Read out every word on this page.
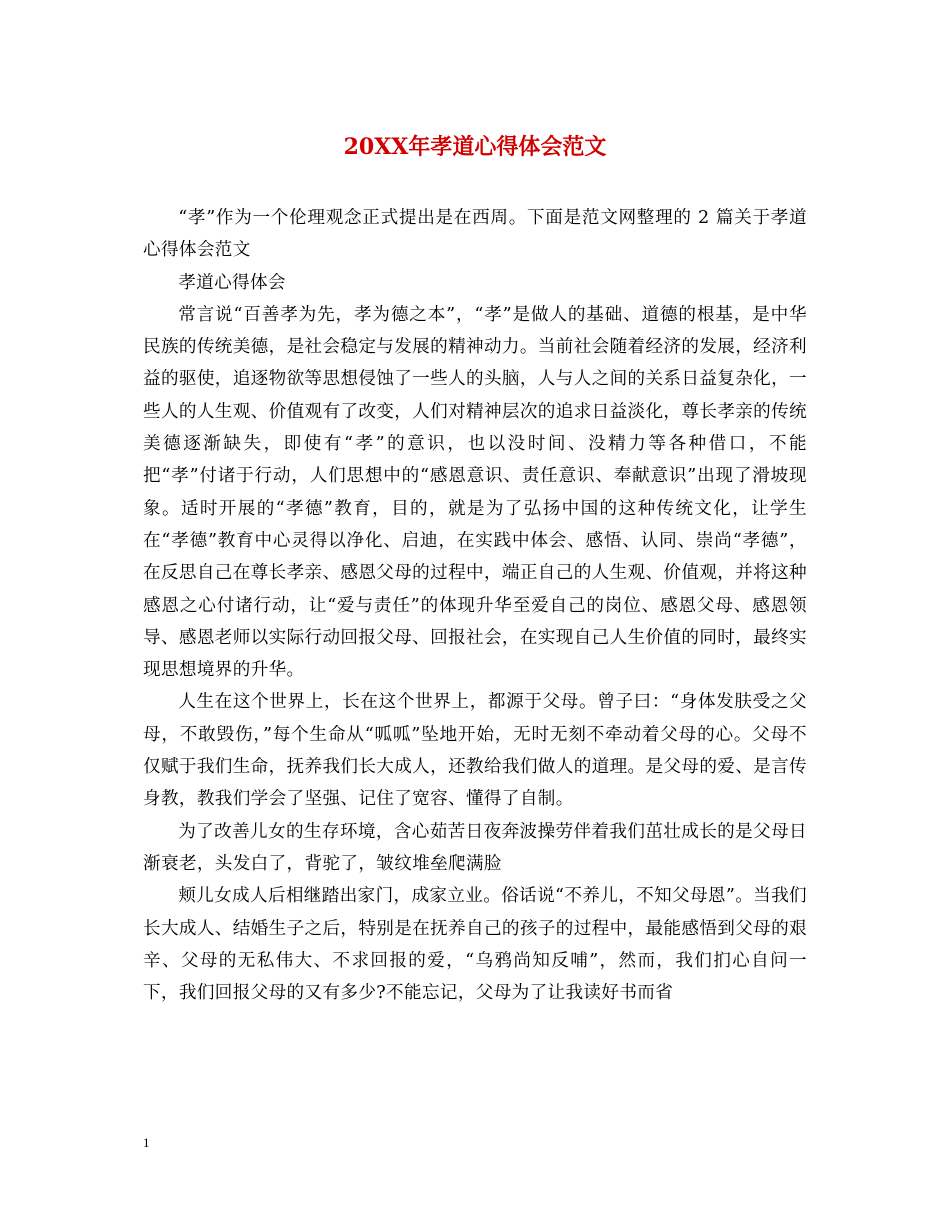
20XX年孝道心得体会范文

“孝”作为一个伦理观念正式提出是在西周。下面是范文网整理的 2 篇关于孝道心得体会范文

孝道心得体会

常言说“百善孝为先，孝为德之本”，“孝”是做人的基础、道德的根基，是中华民族的传统美德，是社会稳定与发展的精神动力。当前社会随着经济的发展，经济利益的驱使，追逐物欲等思想侵蚀了一些人的头脑，人与人之间的关系日益复杂化，一些人的人生观、价值观有了改变，人们对精神层次的追求日益淡化，尊长孝亲的传统美德逐渐缺失，即使有“孝”的意识，也以没时间、没精力等各种借口，不能把“孝”付诸于行动，人们思想中的“感恩意识、责任意识、奉献意识”出现了滑坡现象。适时开展的“孝德”教育，目的，就是为了弘扬中国的这种传统文化，让学生在“孝德”教育中心灵得以净化、启迪，在实践中体会、感悟、认同、崇尚“孝德”，在反思自己在尊长孝亲、感恩父母的过程中，端正自己的人生观、价值观，并将这种感恩之心付诸行动，让“爱与责任”的体现升华至爱自己的岗位、感恩父母、感恩领导、感恩老师以实际行动回报父母、回报社会，在实现自己人生价值的同时，最终实现思想境界的升华。

人生在这个世界上，长在这个世界上，都源于父母。曾子曰：“身体发肤受之父母，不敢毁伤，”每个生命从“呱呱”坠地开始，无时无刻不牵动着父母的心。父母不仅赋于我们生命，抚养我们长大成人，还教给我们做人的道理。是父母的爱、是言传身教，教我们学会了坚强、记住了宽容、懂得了自制。

为了改善儿女的生存环境，含心茹苦日夜奔波操劳伴着我们茁壮成长的是父母日渐衰老，头发白了，背驼了，皱纹堆垒爬满脸

颊儿女成人后相继踏出家门，成家立业。俗话说“不养儿，不知父母恩”。当我们长大成人、结婚生子之后，特别是在抚养自己的孩子的过程中，最能感悟到父母的艰辛、父母的无私伟大、不求回报的爱，“乌鸦尚知反哺”，然而，我们扪心自问一下，我们回报父母的又有多少?不能忘记，父母为了让我读好书而省

1
